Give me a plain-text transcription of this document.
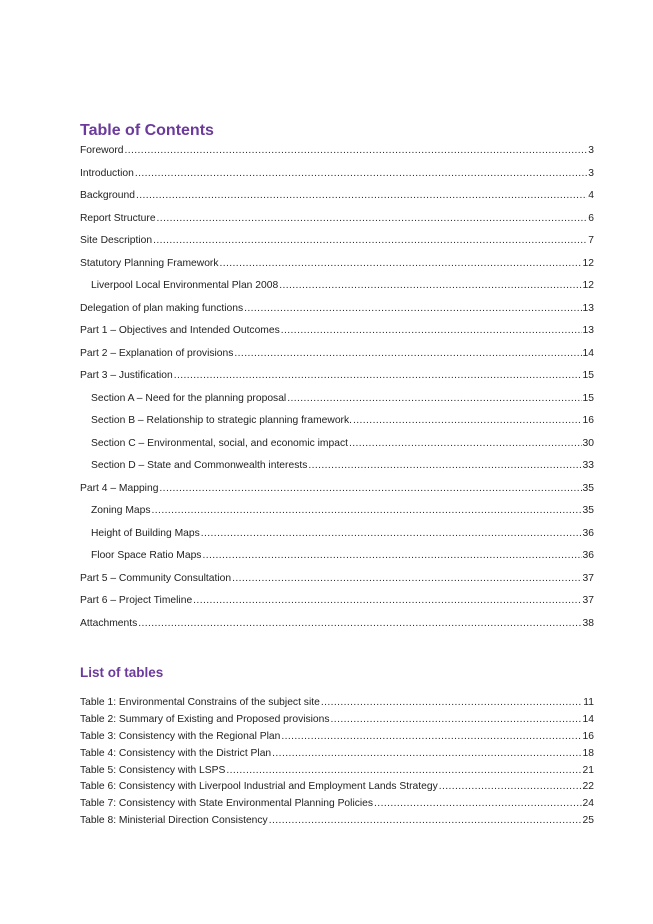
Table of Contents
Foreword .....	3
Introduction .....	3
Background .....	4
Report Structure .....	6
Site Description .....	7
Statutory Planning Framework .....	12
Liverpool Local Environmental Plan 2008 .....	12
Delegation of plan making functions .....	13
Part 1 – Objectives and Intended Outcomes .....	13
Part 2 – Explanation of provisions .....	14
Part 3 – Justification .....	15
Section A – Need for the planning proposal .....	15
Section B – Relationship to strategic planning framework. .....	16
Section C – Environmental, social, and economic impact .....	30
Section D – State and Commonwealth interests .....	33
Part 4 – Mapping .....	35
Zoning Maps .....	35
Height of Building Maps .....	36
Floor Space Ratio Maps .....	36
Part 5 – Community Consultation .....	37
Part 6 – Project Timeline .....	37
Attachments .....	38
List of tables
Table 1: Environmental Constrains of the subject site .....	11
Table 2: Summary of Existing and Proposed provisions .....	14
Table 3: Consistency with the Regional Plan .....	16
Table 4: Consistency with the District Plan .....	18
Table 5: Consistency with LSPS .....	21
Table 6: Consistency with Liverpool Industrial and Employment Lands Strategy .....	22
Table 7: Consistency with State Environmental Planning Policies .....	24
Table 8: Ministerial Direction Consistency .....	25
